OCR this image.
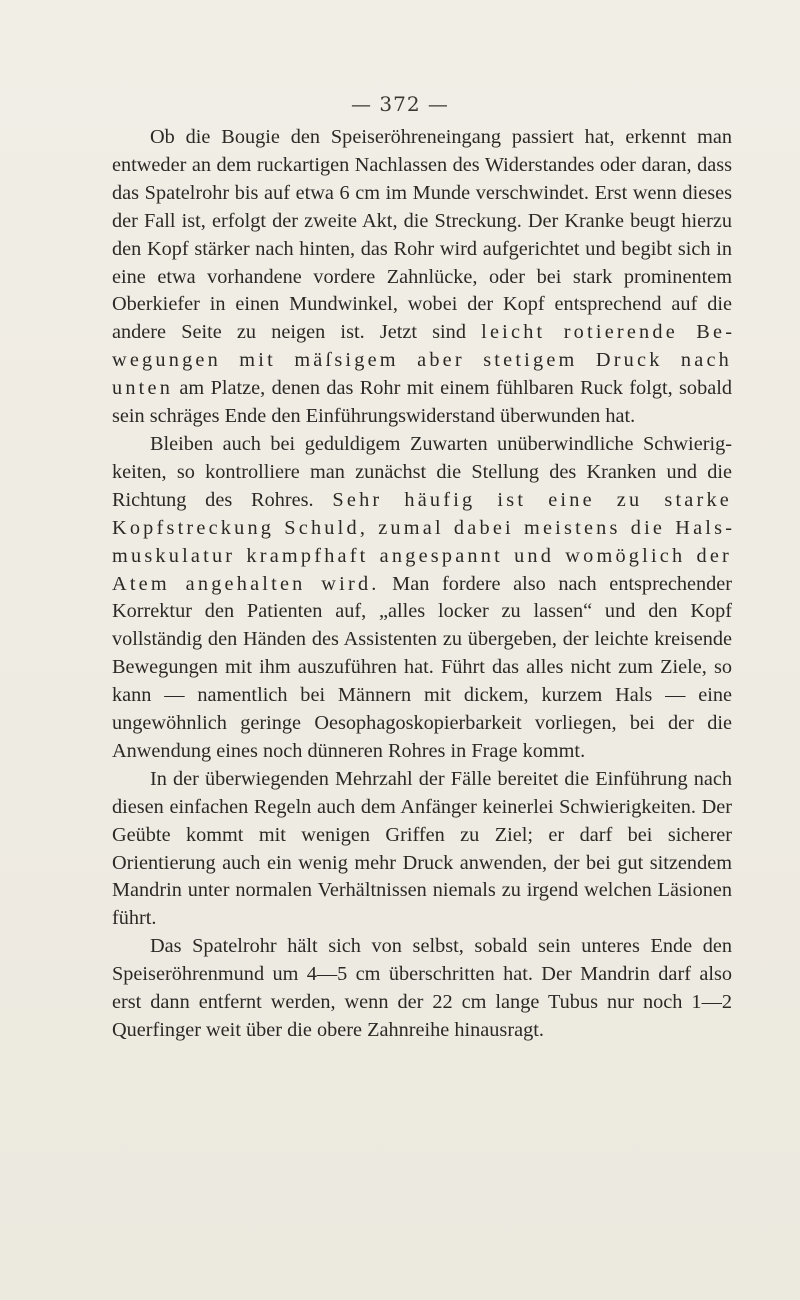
— 372 —

Ob die Bougie den Speiseröhreneingang passiert hat, erkennt man entweder an dem ruckartigen Nachlassen des Widerstandes oder daran, dass das Spatelrohr bis auf etwa 6 cm im Munde verschwindet. Erst wenn dieses der Fall ist, erfolgt der zweite Akt, die Streckung. Der Kranke beugt hierzu den Kopf stärker nach hinten, das Rohr wird aufgerichtet und begibt sich in eine etwa vorhandene vordere Zahnlücke, oder bei stark prominentem Oberkiefer in einen Mundwinkel, wobei der Kopf entsprechend auf die andere Seite zu neigen ist. Jetzt sind leicht rotierende Bewegungen mit mäſsigem aber stetigem Druck nach unten am Platze, denen das Rohr mit einem fühlbaren Ruck folgt, sobald sein schräges Ende den Einführungswiderstand überwunden hat.

Bleiben auch bei geduldigem Zuwarten unüberwindliche Schwierigkeiten, so kontrolliere man zunächst die Stellung des Kranken und die Richtung des Rohres. Sehr häufig ist eine zu starke Kopfstreckung Schuld, zumal dabei meistens die Halsmuskulatur krampfhaft angespannt und womöglich der Atem angehalten wird. Man fordere also nach entsprechender Korrektur den Patienten auf, „alles locker zu lassen“ und den Kopf vollständig den Händen des Assistenten zu übergeben, der leichte kreisende Bewegungen mit ihm auszuführen hat. Führt das alles nicht zum Ziele, so kann — namentlich bei Männern mit dickem, kurzem Hals — eine ungewöhnlich geringe Oesophagoskopierbarkeit vorliegen, bei der die Anwendung eines noch dünneren Rohres in Frage kommt.

In der überwiegenden Mehrzahl der Fälle bereitet die Einführung nach diesen einfachen Regeln auch dem Anfänger keinerlei Schwierigkeiten. Der Geübte kommt mit wenigen Griffen zu Ziel; er darf bei sicherer Orientierung auch ein wenig mehr Druck anwenden, der bei gut sitzendem Mandrin unter normalen Verhältnissen niemals zu irgend welchen Läsionen führt.

Das Spatelrohr hält sich von selbst, sobald sein unteres Ende den Speiseröhrenmund um 4—5 cm überschritten hat. Der Mandrin darf also erst dann entfernt werden, wenn der 22 cm lange Tubus nur noch 1—2 Querfinger weit über die obere Zahnreihe hinausragt.
